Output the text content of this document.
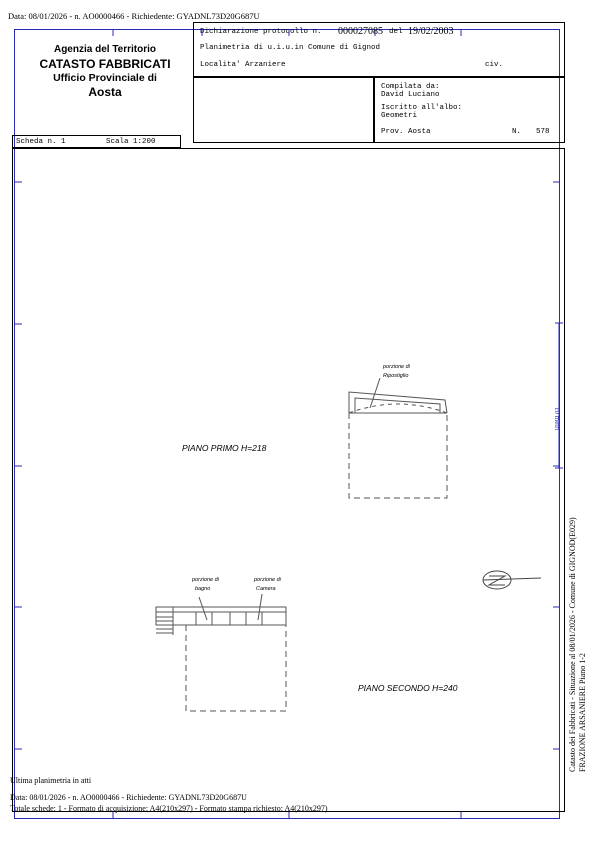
Data: 08/01/2026 - n. AO0000466 - Richiedente: GYADNL73D20G687U
Agenzia del Territorio
CATASTO FABBRICATI
Ufficio Provinciale di
Aosta
Dichiarazione protocollo n. 000027085 del 19/02/2003
Planimetria di u.i.u.in Comune di Gignod
Localita' Arzaniere	civ.
Compilata da:
David Luciano
Iscritto all'albo:
Geometri
Prov. Aosta	N. 578
Scheda n. 1	Scala 1:200
10 metri
porzione di
Ripostiglio
porzione di
bagno
porzione di
Camera
PIANO PRIMO H=218
PIANO SECONDO H=240
Ultima planimetria in atti
Data: 08/01/2026 - n. AO0000466 - Richiedente: GYADNL73D20G687U
Totale schede: 1 - Formato di acquisizione: A4(210x297) - Formato stampa richiesto: A4(210x297)
Catasto dei Fabbricati - Situazione al 08/01/2026 - Comune di GIGNOD(E029) FRAZIONE ARSANIERE Piano 1-2
